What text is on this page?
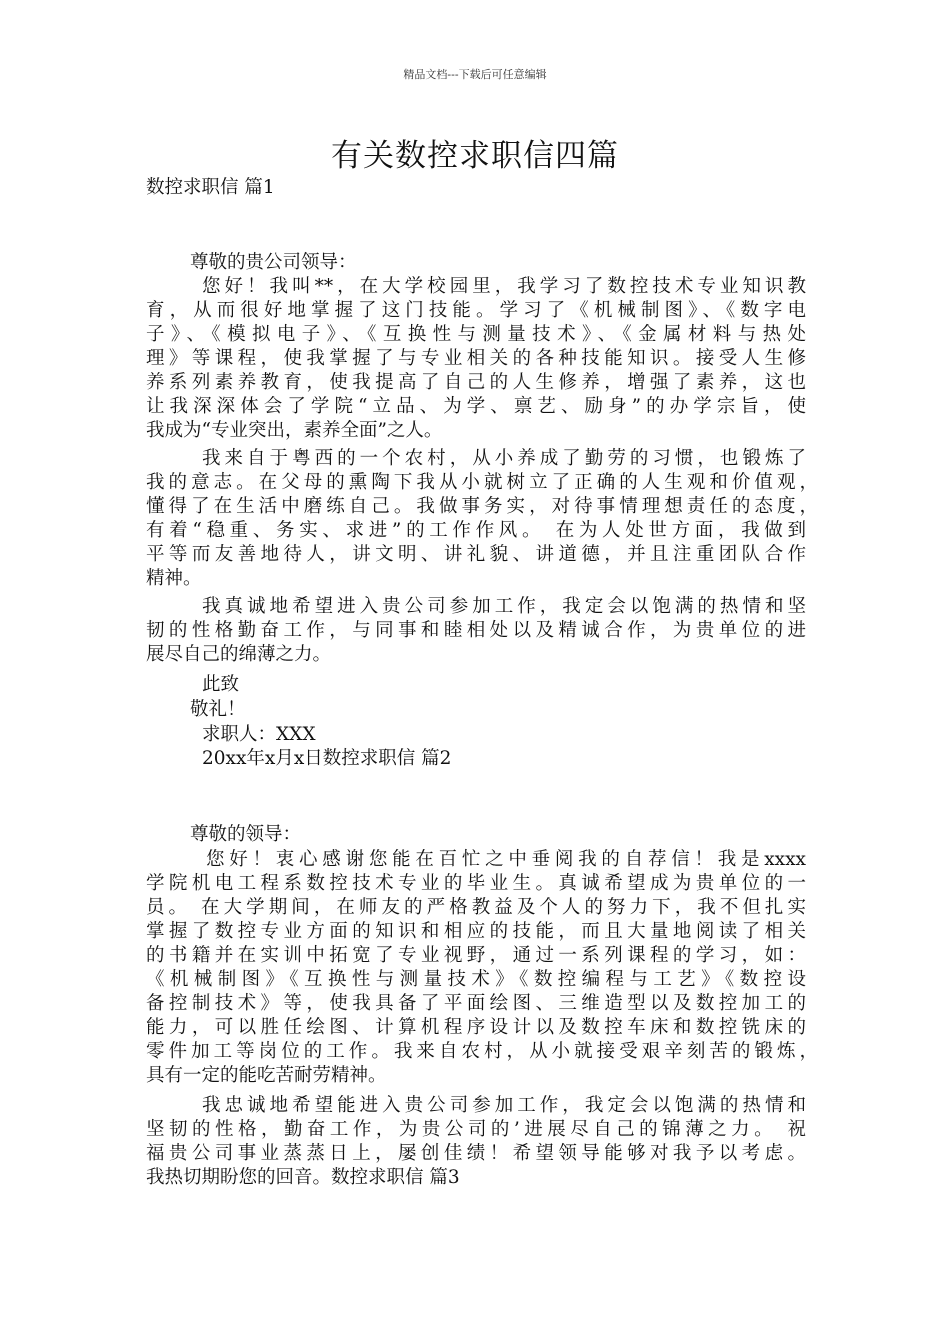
精品文档---下载后可任意编辑
有关数控求职信四篇
数控求职信 篇1
尊敬的贵公司领导：
您好！我叫**，在大学校园里，我学习了数控技术专业知识教
育，从而很好地掌握了这门技能。学习了《机械制图》、《数字电
子》、《模拟电子》、《互换性与测量技术》、《金属材料与热处
理》等课程，使我掌握了与专业相关的各种技能知识。接受人生修
养系列素养教育，使我提高了自己的人生修养，增强了素养，这也
让我深深体会了学院“立品、为学、禀艺、励身”的办学宗旨，使
我成为“专业突出，素养全面”之人。
我来自于粤西的一个农村，从小养成了勤劳的习惯，也锻炼了
我的意志。在父母的熏陶下我从小就树立了正确的人生观和价值观，
懂得了在生活中磨练自己。我做事务实，对待事情理想责任的态度，
有着“稳重、务实、求进”的工作作风。 在为人处世方面，我做到
平等而友善地待人，讲文明、讲礼貌、讲道德，并且注重团队合作
精神。
我真诚地希望进入贵公司参加工作，我定会以饱满的热情和坚
韧的性格勤奋工作，与同事和睦相处以及精诚合作，为贵单位的进
展尽自己的绵薄之力。
此致
敬礼！
求职人：XXX
20xx年x月x日数控求职信 篇2
尊敬的领导：
您好！衷心感谢您能在百忙之中垂阅我的自荐信！我是xxxx
学院机电工程系数控技术专业的毕业生。真诚希望成为贵单位的一
员。 在大学期间，在师友的严格教益及个人的努力下，我不但扎实
掌握了数控专业方面的知识和相应的技能，而且大量地阅读了相关
的书籍并在实训中拓宽了专业视野，通过一系列课程的学习，如：
《机械制图》《互换性与测量技术》《数控编程与工艺》《数控设
备控制技术》等，使我具备了平面绘图、三维造型以及数控加工的
能力，可以胜任绘图、计算机程序设计以及数控车床和数控铣床的
零件加工等岗位的工作。我来自农村，从小就接受艰辛刻苦的锻炼，
具有一定的能吃苦耐劳精神。
我忠诚地希望能进入贵公司参加工作，我定会以饱满的热情和
坚韧的性格，勤奋工作，为贵公司的’进展尽自己的锦薄之力。 祝
福贵公司事业蒸蒸日上，屡创佳绩！希望领导能够对我予以考虑。
我热切期盼您的回音。数控求职信 篇3
